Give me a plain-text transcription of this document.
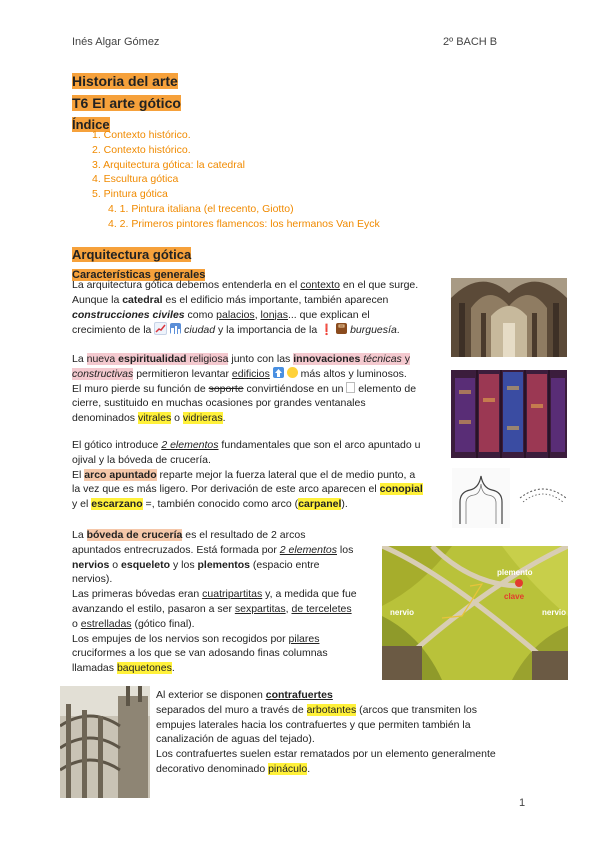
Inés Algar Gómez	2º BACH B
Historia del arte
T6 El arte gótico
Índice
1. Contexto histórico.
2. Contexto histórico.
3. Arquitectura gótica: la catedral
4. Escultura gótica
5. Pintura gótica
4. 1. Pintura italiana (el trecento, Giotto)
4. 2. Primeros pintores flamencos: los hermanos Van Eyck
Arquitectura gótica
Características generales
La arquitectura gótica debemos entenderla en el contexto en el que surge.
Aunque la catedral es el edificio más importante, también aparecen
construcciones civiles como palacios, lonjas... que explican el
crecimiento de la	ciudad y la importancia de la ❗ burguesía.
La nueva espiritualidad religiosa junto con las innovaciones técnicas y
constructivas permitieron levantar edificios	más altos y luminosos.
El muro pierde su función de soporte convirtiéndose en un  elemento de
cierre, sustituido en muchas ocasiones por grandes ventanales
denominados vitrales o vidrieras.
El gótico introduce 2 elementos fundamentales que son el arco apuntado u
ojival y la bóveda de crucería.
El arco apuntado reparte mejor la fuerza lateral que el de medio punto, a
la vez que es más ligero. Por derivación de este arco aparecen el conopial
y el escarzano =, también conocido como arco (carpanel).
La bóveda de crucería es el resultado de 2 arcos
apuntados entrecruzados. Está formada por 2 elementos los
nervios o esqueleto y los plementos (espacio entre
nervios).
Las primeras bóvedas eran cuatripartitas y, a medida que fue
avanzando el estilo, pasaron a ser sexpartitas, de terceletes
o estrelladas (gótico final).
Los empujes de los nervios son recogidos por pilares
cruciformes a los que se van adosando finas columnas
llamadas baquetones.
plemento
nervio	nervio
clave
Al exterior se disponen contrafuertes
separados del muro a través de arbotantes (arcos que transmiten los
empujes laterales hacia los contrafuertes y que permiten también la
canalización de aguas del tejado).
Los contrafuertes suelen estar rematados por un elemento generalmente
decorativo denominado pináculo.
1
